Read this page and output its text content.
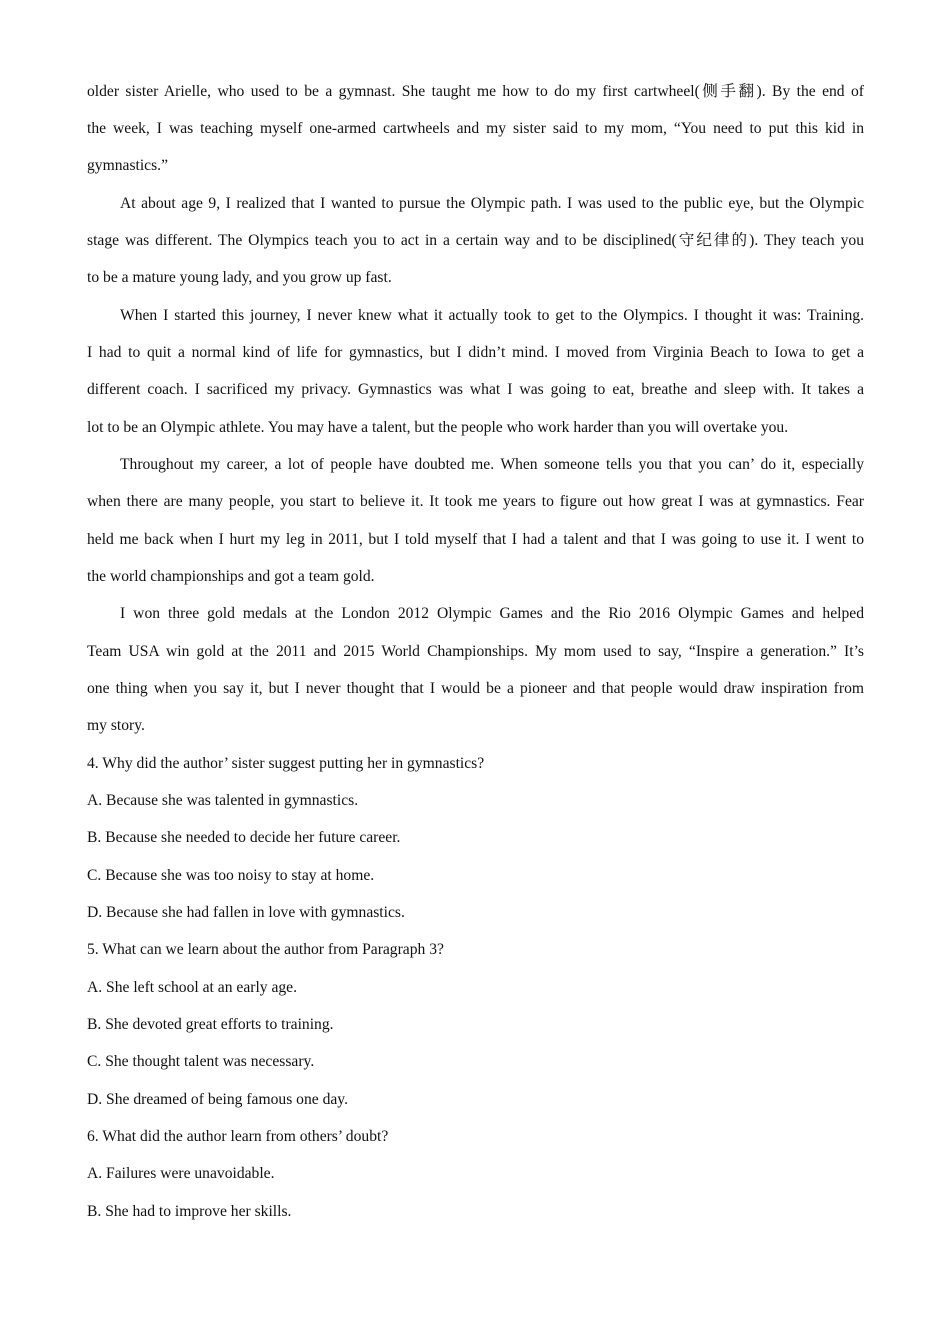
older sister Arielle, who used to be a gymnast. She taught me how to do my first cartwheel(侧手翻). By the end of
the week, I was teaching myself one-armed cartwheels and my sister said to my mom, “You need to put this kid in
gymnastics.”
At about age 9, I realized that I wanted to pursue the Olympic path. I was used to the public eye, but the Olympic
stage was different. The Olympics teach you to act in a certain way and to be disciplined(守纪律的). They teach you
to be a mature young lady, and you grow up fast.
When I started this journey, I never knew what it actually took to get to the Olympics. I thought it was: Training.
I had to quit a normal kind of life for gymnastics, but I didn’t mind. I moved from Virginia Beach to Iowa to get a
different coach. I sacrificed my privacy. Gymnastics was what I was going to eat, breathe and sleep with. It takes a
lot to be an Olympic athlete. You may have a talent, but the people who work harder than you will overtake you.
Throughout my career, a lot of people have doubted me. When someone tells you that you can’ do it, especially
when there are many people, you start to believe it. It took me years to figure out how great I was at gymnastics. Fear
held me back when I hurt my leg in 2011, but I told myself that I had a talent and that I was going to use it. I went to
the world championships and got a team gold.
I won three gold medals at the London 2012 Olympic Games and the Rio 2016 Olympic Games and helped
Team USA win gold at the 2011 and 2015 World Championships. My mom used to say, “Inspire a generation.” It’s
one thing when you say it, but I never thought that I would be a pioneer and that people would draw inspiration from
my story.
4. Why did the author’ sister suggest putting her in gymnastics?
A. Because she was talented in gymnastics.
B. Because she needed to decide her future career.
C. Because she was too noisy to stay at home.
D. Because she had fallen in love with gymnastics.
5. What can we learn about the author from Paragraph 3?
A. She left school at an early age.
B. She devoted great efforts to training.
C. She thought talent was necessary.
D. She dreamed of being famous one day.
6. What did the author learn from others’ doubt?
A. Failures were unavoidable.
B. She had to improve her skills.
